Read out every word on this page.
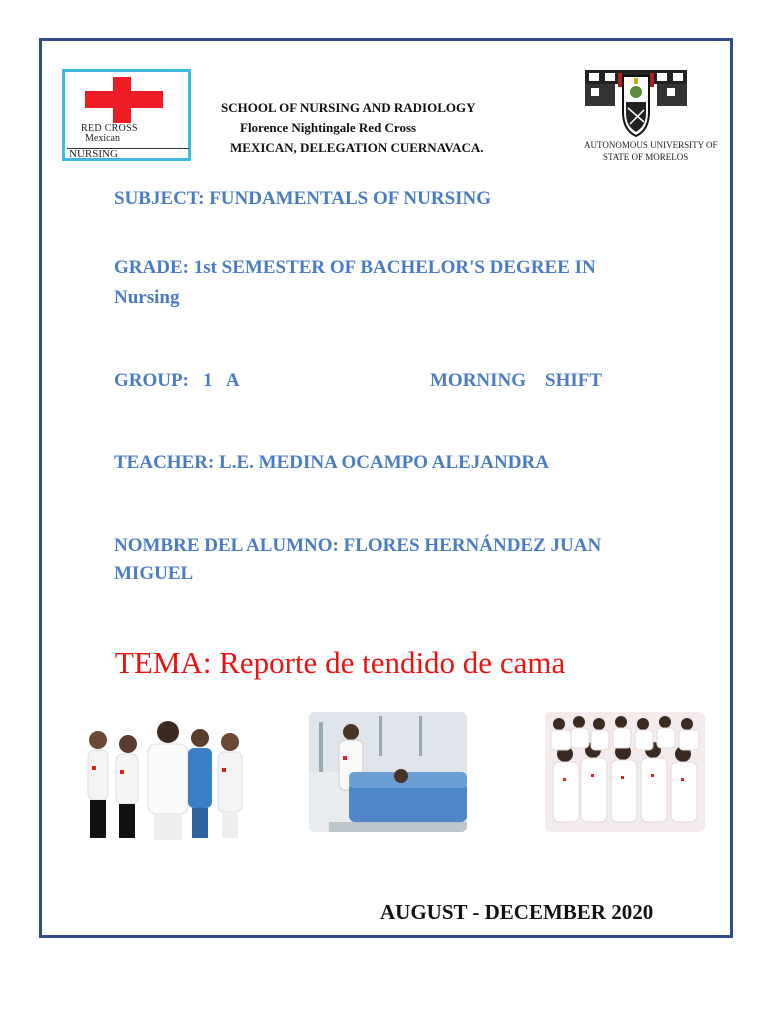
RED CROSS
Mexican
NURSING
SCHOOL OF NURSING AND RADIOLOGY
Florence Nightingale Red Cross
MEXICAN, DELEGATION CUERNAVACA.	AUTONOMOUS UNIVERSITY OF
STATE OF MORELOS
SUBJECT: FUNDAMENTALS OF NURSING
GRADE: 1st SEMESTER OF BACHELOR'S DEGREE IN
Nursing
GROUP:   1   A	MORNING    SHIFT
TEACHER: L.E. MEDINA OCAMPO ALEJANDRA
NOMBRE DEL ALUMNO: FLORES HERNÁNDEZ JUAN
MIGUEL
TEMA: Reporte de tendido de cama
AUGUST - DECEMBER 2020
